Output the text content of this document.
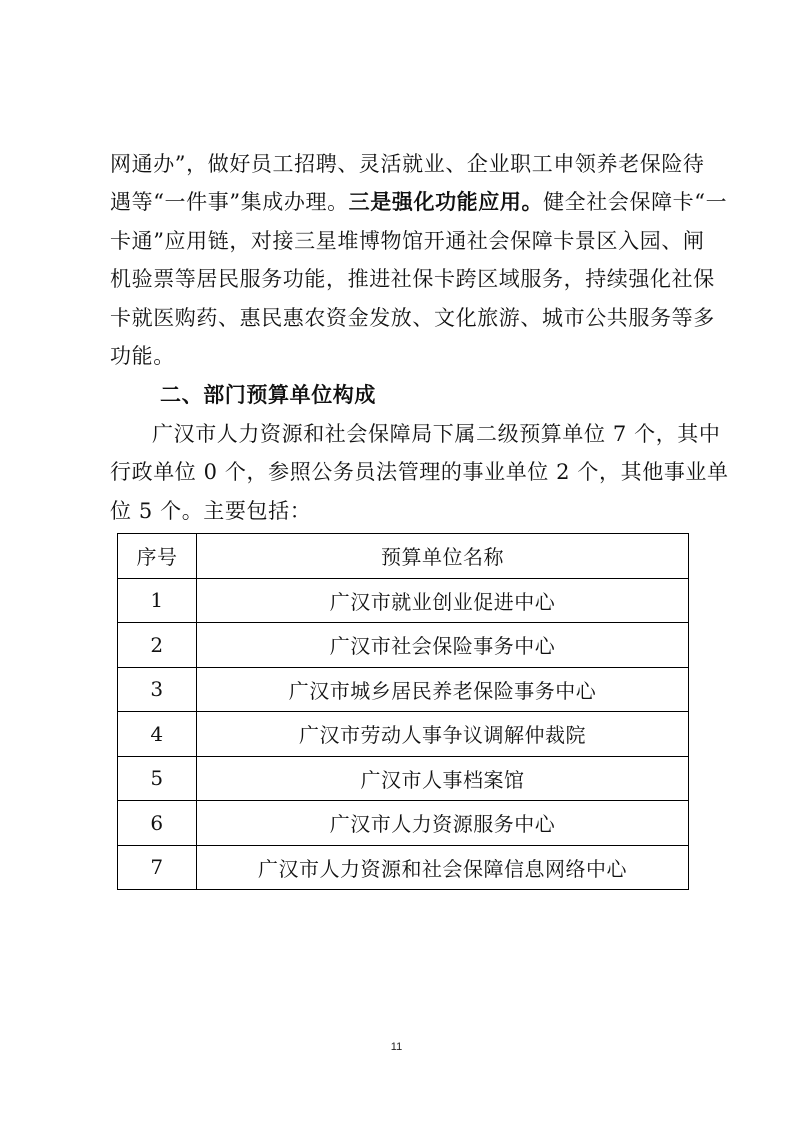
网通办”，做好员工招聘、灵活就业、企业职工申领养老保险待
遇等“一件事”集成办理。三是强化功能应用。健全社会保障卡“一
卡通”应用链，对接三星堆博物馆开通社会保障卡景区入园、闸
机验票等居民服务功能，推进社保卡跨区域服务，持续强化社保
卡就医购药、惠民惠农资金发放、文化旅游、城市公共服务等多
功能。
二、部门预算单位构成
广汉市人力资源和社会保障局下属二级预算单位 7 个，其中
行政单位 0 个，参照公务员法管理的事业单位 2 个，其他事业单
位 5 个。主要包括：
序号	预算单位名称
1	广汉市就业创业促进中心
2	广汉市社会保险事务中心
3	广汉市城乡居民养老保险事务中心
4	广汉市劳动人事争议调解仲裁院
5	广汉市人事档案馆
6	广汉市人力资源服务中心
7	广汉市人力资源和社会保障信息网络中心
11
